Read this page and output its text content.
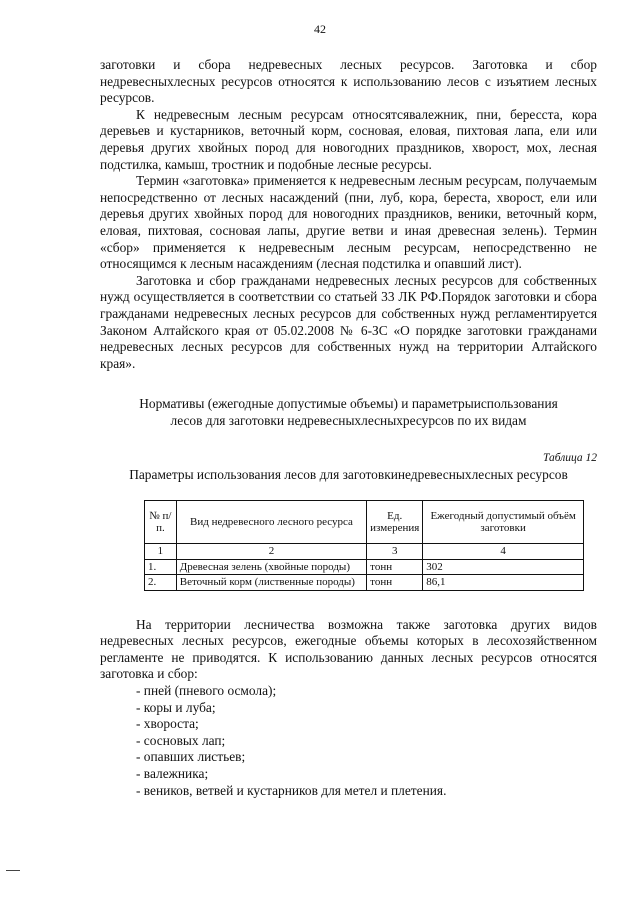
42

заготовки и сбора недревесных лесных ресурсов. Заготовка и сбор недревесныхлесных ресурсов относятся к использованию лесов с изъятием лесных ресурсов.

К недревесным лесным ресурсам относятсявалежник, пни, бересста, кора деревьев и кустарников, веточный корм, сосновая, еловая, пихтовая лапа, ели или деревья других хвойных пород для новогодних праздников, хворост, мох, лесная подстилка, камыш, тростник и подобные лесные ресурсы.

Термин «заготовка» применяется к недревесным лесным ресурсам, получаемым непосредственно от лесных насаждений (пни, луб, кора, береста, хворост, ели или деревья других хвойных пород для новогодних праздников, веники, веточный корм, еловая, пихтовая, сосновая лапы, другие ветви и иная древесная зелень). Термин «сбор» применяется к недревесным лесным ресурсам, непосредственно не относящимся к лесным насаждениям (лесная подстилка и опавший лист).

Заготовка и сбор гражданами недревесных лесных ресурсов для собственных нужд осуществляется в соответствии со статьей 33 ЛК РФ.Порядок заготовки и сбора гражданами недревесных лесных ресурсов для собственных нужд регламентируется Законом Алтайского края от 05.02.2008 № 6-ЗС «О порядке заготовки гражданами недревесных лесных ресурсов для собственных нужд на территории Алтайского края».

Нормативы (ежегодные допустимые объемы) и параметрыиспользования
лесов для заготовки недревесныхлесныхресурсов по их видам
Таблица 12
Параметры использования лесов для заготовкинедревесныхлесных ресурсов
№ п/п.	Вид недревесного лесного ресурса	Ед. измерения	Ежегодный допустимый объём заготовки
1	2	3	4
1.	Древесная зелень (хвойные породы)	тонн	302
2.	Веточный корм (лиственные породы)	тонн	86,1

На территории лесничества возможна также заготовка других видов недревесных лесных ресурсов, ежегодные объемы которых в лесохозяйственном регламенте не приводятся. К использованию данных лесных ресурсов относятся заготовка и сбор:

- пней (пневого осмола);
- коры и луба;
- хвороста;
- сосновых лап;
- опавших листьев;
- валежника;
- веников, ветвей и кустарников для метел и плетения.
